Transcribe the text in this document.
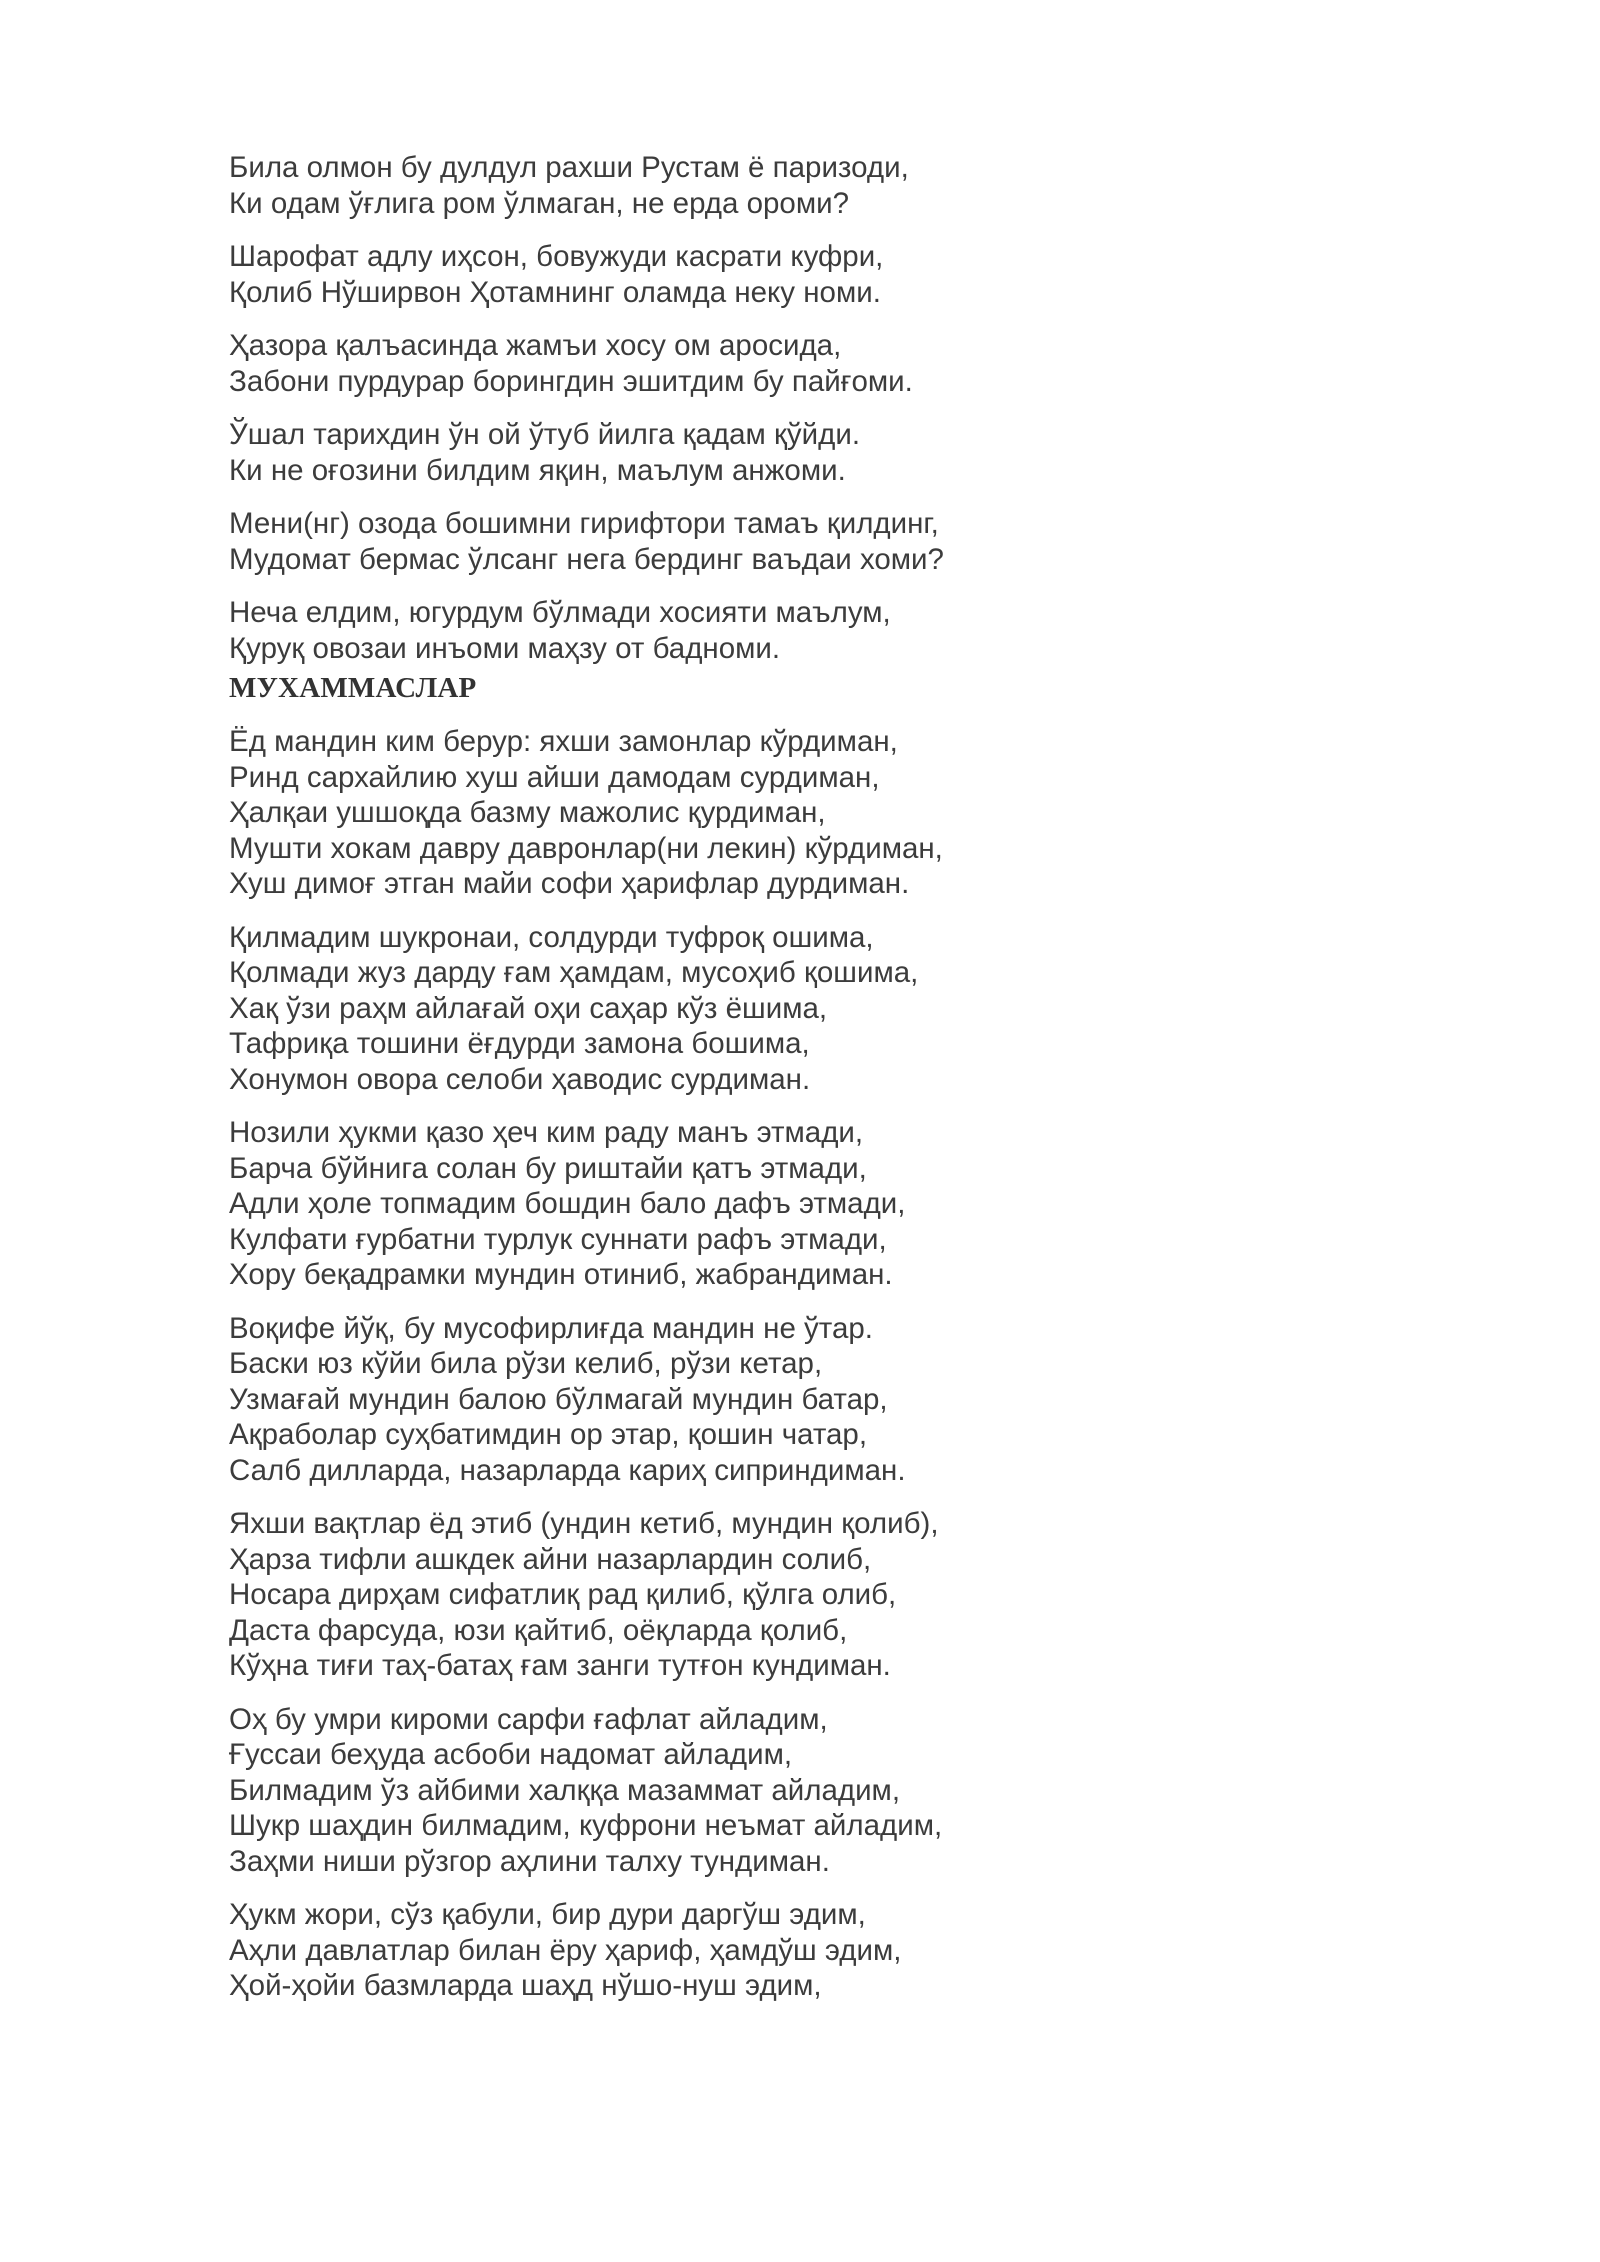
Била олмон бу дулдул рахши Рустам ё паризоди,
Ки одам ўғлига ром ўлмаган, не ерда ороми?
Шарофат адлу иҳсон, бовужуди касрати куфри,
Қолиб Нўширвон Ҳотамнинг оламда неку номи.
Ҳазора қалъасинда жамъи хосу ом аросида,
Забони пурдурар борингдин эшитдим бу пайғоми.
Ўшал тарихдин ўн ой ўтуб йилга қадам қўйди.
Ки не оғозини билдим яқин, маълум анжоми.
Мени(нг) озода бошимни гирифтори тамаъ қилдинг,
Мудомат бермас ўлсанг нега бердинг ваъдаи хоми?
Неча елдим, югурдум бўлмади хосияти маълум,
Қуруқ овозаи инъоми маҳзу от бадноми.
МУХАММАСЛАР
Ёд мандин ким берур: яхши замонлар кўрдиман,
Ринд сархайлию хуш айши дамодам сурдиман,
Ҳалқаи ушшоқда базму мажолис қурдиман,
Мушти хокам давру давронлар(ни лекин) кўрдиман,
Хуш димоғ этган майи софи ҳарифлар дурдиман.
Қилмадим шукронаи, солдурди туфроқ ошима,
Қолмади жуз дарду ғам ҳамдам, мусоҳиб қошима,
Хақ ўзи раҳм айлағай оҳи саҳар кўз ёшима,
Тафриқа тошини ёғдурди замона бошима,
Хонумон овора селоби ҳаводис сурдиман.
Нозили ҳукми қазо ҳеч ким раду манъ этмади,
Барча бўйнига солан бу риштайи қатъ этмади,
Адли ҳоле топмадим бошдин бало дафъ этмади,
Кулфати ғурбатни турлук суннати рафъ этмади,
Хору беқадрамки мундин отиниб, жабрандиман.
Воқифе йўқ, бу мусофирлиғда мандин не ўтар.
Баски юз кўйи била рўзи келиб, рўзи кетар,
Узмағай мундин балою бўлмагай мундин батар,
Ақраболар суҳбатимдин ор этар, қошин чатар,
Салб дилларда, назарларда кариҳ сиприндиман.
Яхши вақтлар ёд этиб (ундин кетиб, мундин қолиб),
Ҳарза тифли ашкдек айни назарлардин солиб,
Носара дирҳам сифатлиқ рад қилиб, қўлга олиб,
Даста фарсуда, юзи қайтиб, оёқларда қолиб,
Кўҳна тиғи таҳ-батаҳ ғам занги тутғон кундиман.
Оҳ бу умри кироми сарфи ғафлат айладим,
Ғуссаи беҳуда асбоби надомат айладим,
Билмадим ўз айбими халққа мазаммат айладим,
Шукр шаҳдин билмадим, куфрони неъмат айладим,
Заҳми ниши рўзгор аҳлини талху тундиман.
Ҳукм жори, сўз қабули, бир дури даргўш эдим,
Аҳли давлатлар билан ёру ҳариф, ҳамдўш эдим,
Ҳой-ҳойи базмларда шаҳд нўшо-нуш эдим,
